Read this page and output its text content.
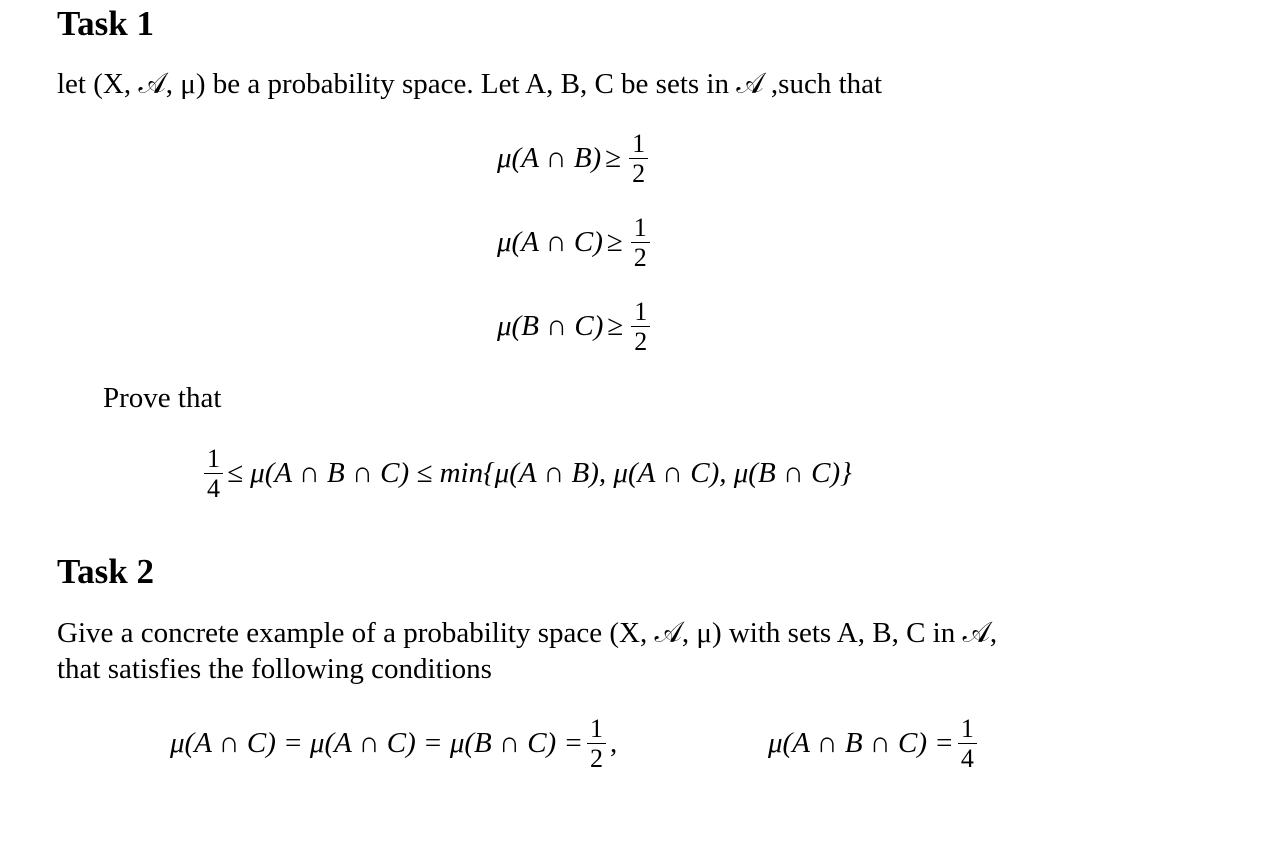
Task 1

let (X, 𝒜, μ) be a probability space. Let A, B, C be sets in 𝒜 ,such that

μ(A ∩ $B) \ge \frac{1}{2}$
μ(A ∩ $C) \ge \frac{1}{2}$
μ(B ∩ $C) \ge \frac{1}{2}$
Prove that
$\frac{1}{4} \le \mu(A$ ∩ B ∩ C) ≤ min{μ(A ∩ B), μ(A ∩ C), μ(B ∩ C)}
Task 2

Give a concrete example of a probability space (X, 𝒜, μ) with sets A, B, C in 𝒜,

that satisfies the following conditions

μ(A ∩ C) = μ(A ∩ C) = μ(B ∩ $C) = \frac{1}{2}$ ,	μ(A ∩ B ∩ $C) = \frac{1}{4}$
